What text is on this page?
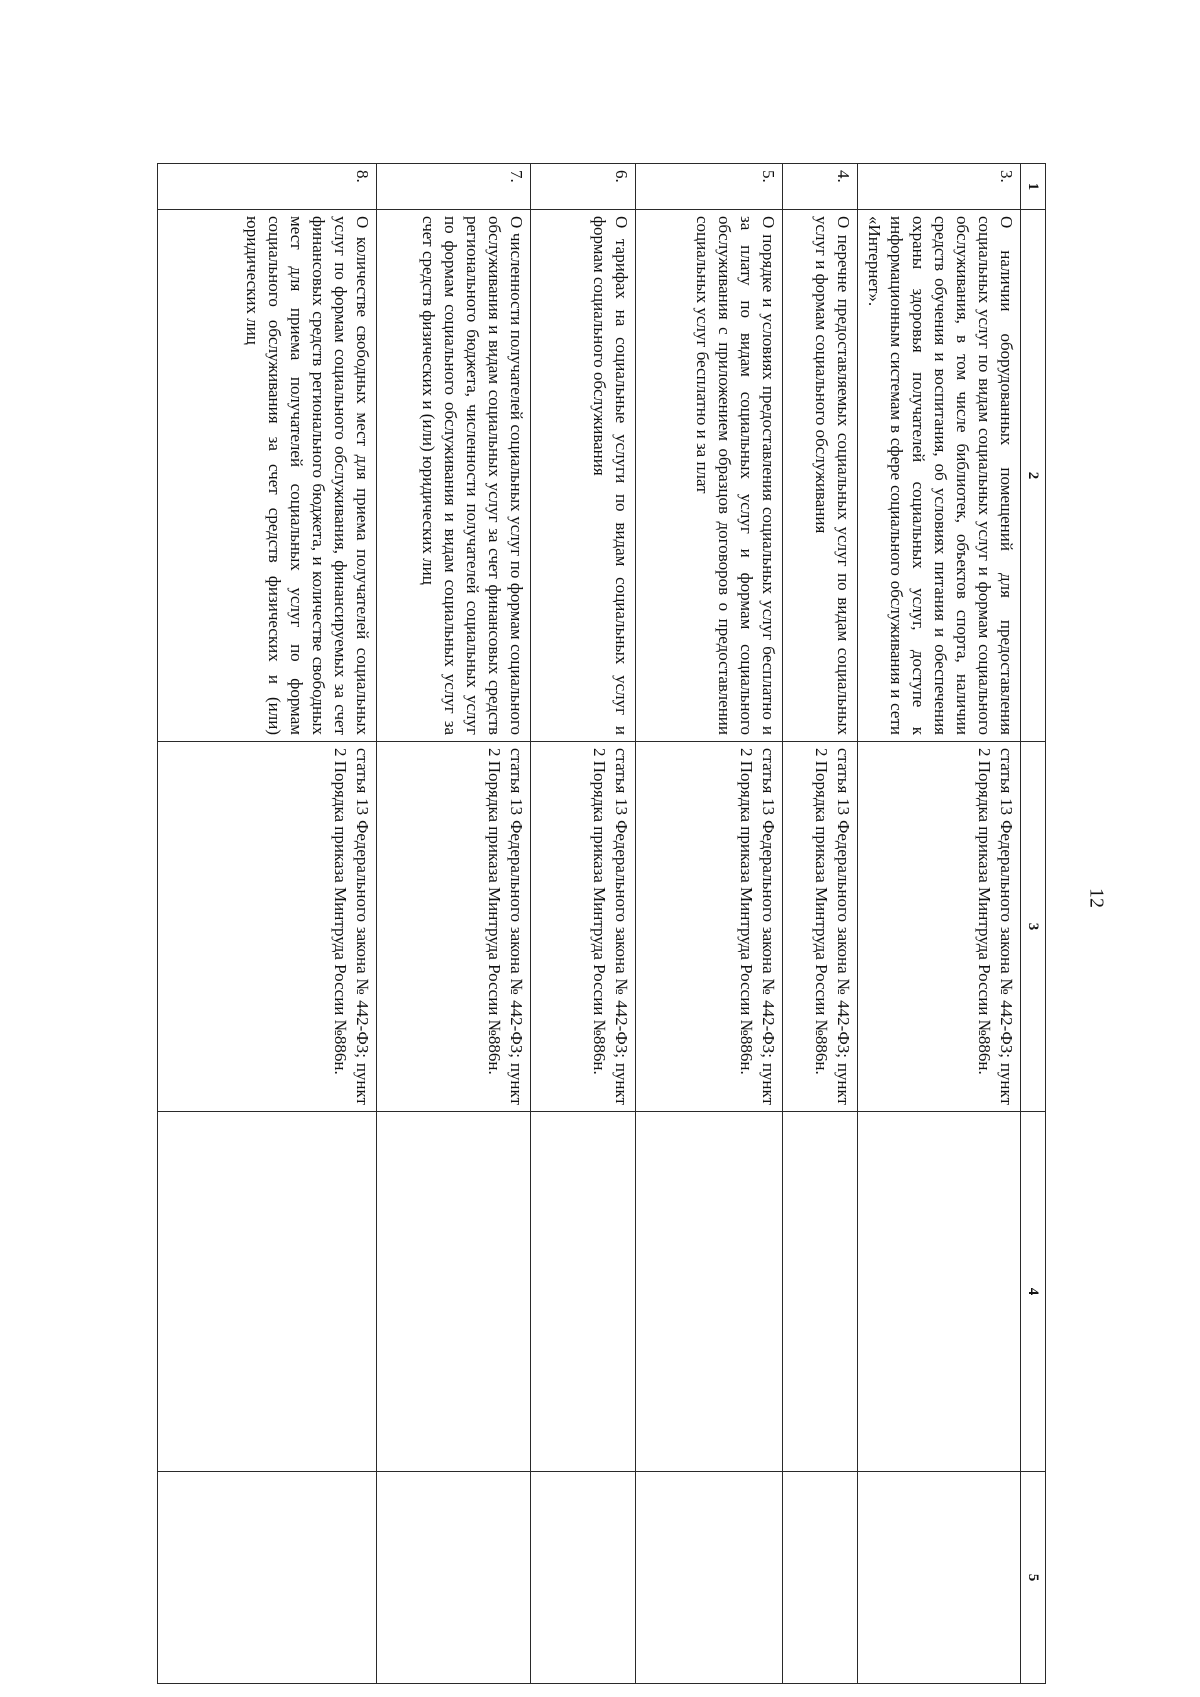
12
1	2	3	4	5
3.	О наличии оборудованных помещений для предоставления социальных услуг по видам социальных услуг и формам социального обслуживания, в том числе библиотек, объектов спорта, наличии средств обучения и воспитания, об условиях питания и обеспечения охраны здоровья получателей социальных услуг, доступе к информационным системам в сфере социального обслуживания и сети «Интернет».	статья 13 Федерального закона № 442-ФЗ; пункт 2 Порядка приказа Минтруда России №886н.		
4.	О перечне предоставляемых социальных услуг по видам социальных услуг и формам социального обслуживания	статья 13 Федерального закона № 442-ФЗ; пункт 2 Порядка приказа Минтруда России №886н.		
5.	О порядке и условиях предоставления социальных услуг бесплатно и за плату по видам социальных услуг и формам социального обслуживания с приложением образцов договоров о предоставлении социальных услуг бесплатно и за плат	статья 13 Федерального закона № 442-ФЗ; пункт 2 Порядка приказа Минтруда России №886н.		
6.	О тарифах на социальные услуги по видам социальных услуг и формам социального обслуживания	статья 13 Федерального закона № 442-ФЗ; пункт 2 Порядка приказа Минтруда России №886н.		
7.	О численности получателей социальных услуг по формам социального обслуживания и видам социальных услуг за счет финансовых средств регионального бюджета, численности получателей социальных услуг по формам социального обслуживания и видам социальных услуг за счет средств физических и (или) юридических лиц	статья 13 Федерального закона № 442-ФЗ; пункт 2 Порядка приказа Минтруда России №886н.		
8.	О количестве свободных мест для приема получателей социальных услуг по формам социального обслуживания, финансируемых за счет финансовых средств регионального бюджета, и количестве свободных мест для приема получателей социальных услуг по формам социального обслуживания за счет средств физических и (или) юридических лиц	статья 13 Федерального закона № 442-ФЗ; пункт 2 Порядка приказа Минтруда России №886н.		
